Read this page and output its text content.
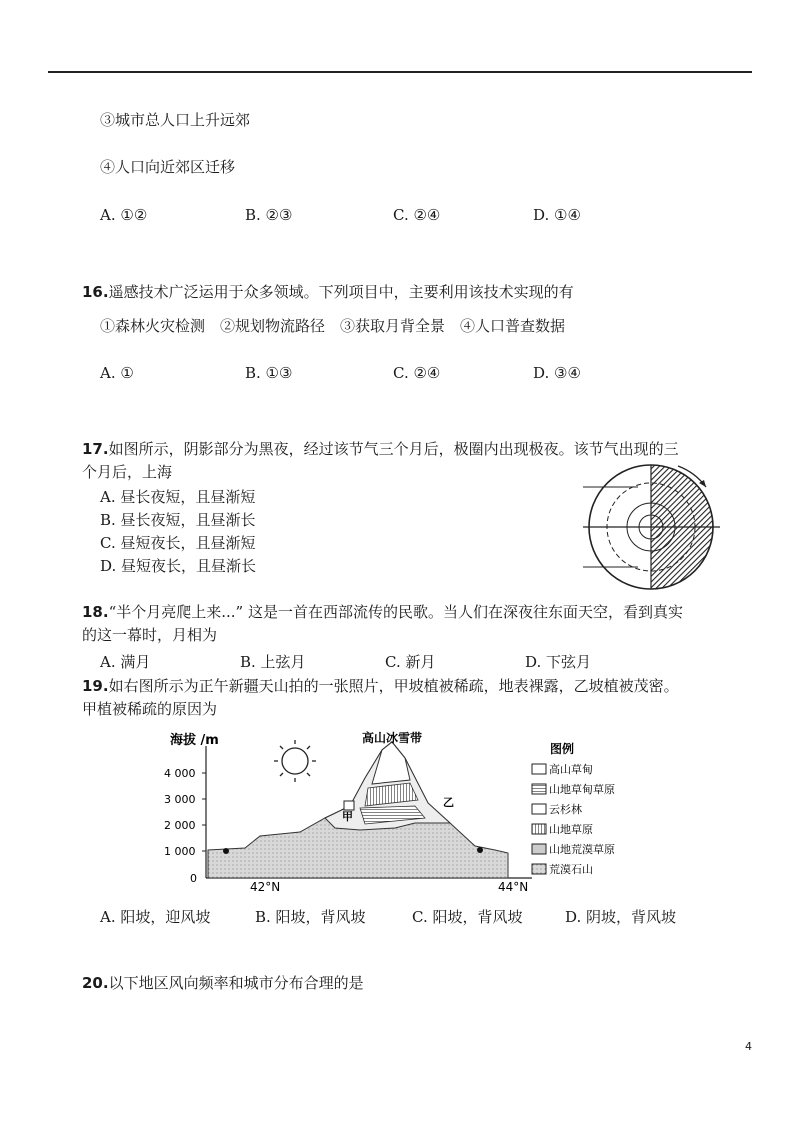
③城市总人口上升远郊
④人口向近郊区迁移
A. ①②	B. ②③	C. ②④	D. ①④
16.遥感技术广泛运用于众多领域。下列项目中，主要利用该技术实现的有
①森林火灾检测　②规划物流路径　③获取月背全景　④人口普查数据
A. ①	B. ①③	C. ②④	D. ③④
17.如图所示，阴影部分为黑夜，经过该节气三个月后，极圈内出现极夜。该节气出现的三
个月后，上海
A. 昼长夜短，且昼渐短
B. 昼长夜短，且昼渐长
C. 昼短夜长，且昼渐短
D. 昼短夜长，且昼渐长
18.“半个月亮爬上来...” 这是一首在西部流传的民歌。当人们在深夜往东面天空，看到真实
的这一幕时，月相为
A. 满月	B. 上弦月	C. 新月	D. 下弦月
19.如右图所示为正午新疆天山拍的一张照片，甲坡植被稀疏，地表裸露，乙坡植被茂密。
甲植被稀疏的原因为
海拔 /m
4 000
3 000
2 000
1 000
0
42°N	44°N
高山冰雪带
甲
乙
图例
高山草甸
山地草甸草原
云杉林
山地草原
山地荒漠草原
荒漠石山
A. 阳坡，迎风坡	B. 阳坡，背风坡	C. 阳坡，背风坡	D. 阴坡，背风坡
20.以下地区风向频率和城市分布合理的是
4
